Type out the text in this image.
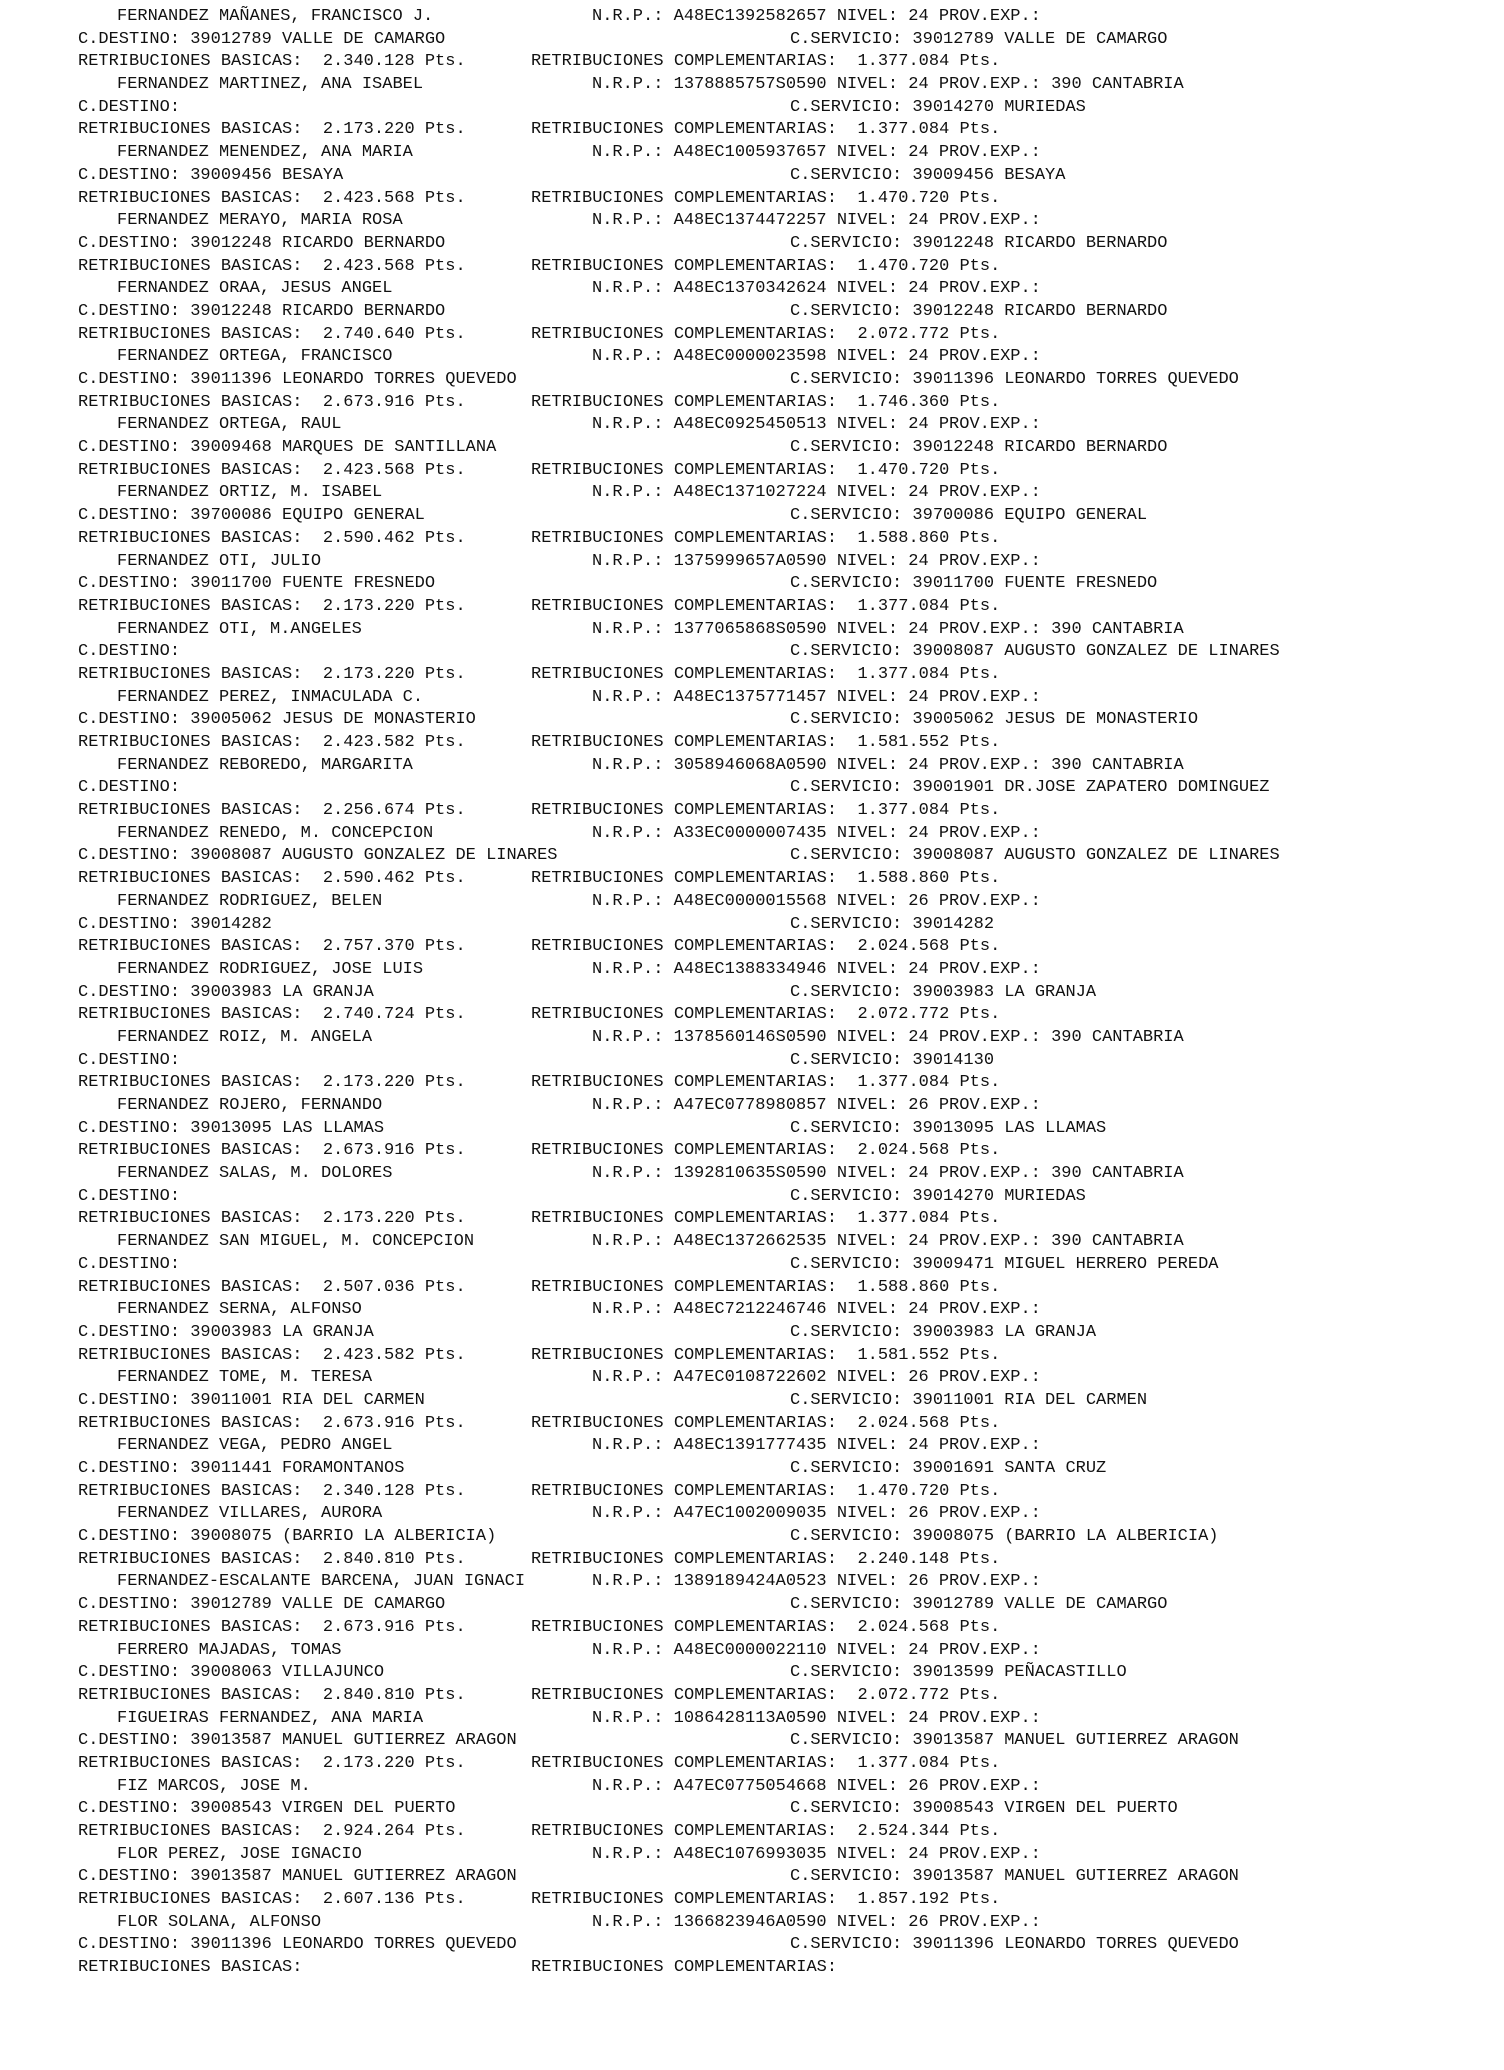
FERNANDEZ MAÑANES, FRANCISCO J.

	N.R.P.: A48EC1392582657 NIVEL: 24 PROV.EXP.:

C.DESTINO: 39012789 VALLE DE CAMARGO

	C.SERVICIO: 39012789 VALLE DE CAMARGO

RETRIBUCIONES BASICAS:  2.340.128 Pts.

	RETRIBUCIONES COMPLEMENTARIAS:  1.377.084 Pts.

FERNANDEZ MARTINEZ, ANA ISABEL

	N.R.P.: 1378885757S0590 NIVEL: 24 PROV.EXP.: 390 CANTABRIA

C.DESTINO:

	C.SERVICIO: 39014270 MURIEDAS

RETRIBUCIONES BASICAS:  2.173.220 Pts.

	RETRIBUCIONES COMPLEMENTARIAS:  1.377.084 Pts.

FERNANDEZ MENENDEZ, ANA MARIA

	N.R.P.: A48EC1005937657 NIVEL: 24 PROV.EXP.:

C.DESTINO: 39009456 BESAYA

	C.SERVICIO: 39009456 BESAYA

RETRIBUCIONES BASICAS:  2.423.568 Pts.

	RETRIBUCIONES COMPLEMENTARIAS:  1.470.720 Pts.

FERNANDEZ MERAYO, MARIA ROSA

	N.R.P.: A48EC1374472257 NIVEL: 24 PROV.EXP.:

C.DESTINO: 39012248 RICARDO BERNARDO

	C.SERVICIO: 39012248 RICARDO BERNARDO

RETRIBUCIONES BASICAS:  2.423.568 Pts.

	RETRIBUCIONES COMPLEMENTARIAS:  1.470.720 Pts.

FERNANDEZ ORAA, JESUS ANGEL

	N.R.P.: A48EC1370342624 NIVEL: 24 PROV.EXP.:

C.DESTINO: 39012248 RICARDO BERNARDO

	C.SERVICIO: 39012248 RICARDO BERNARDO

RETRIBUCIONES BASICAS:  2.740.640 Pts.

	RETRIBUCIONES COMPLEMENTARIAS:  2.072.772 Pts.

FERNANDEZ ORTEGA, FRANCISCO

	N.R.P.: A48EC0000023598 NIVEL: 24 PROV.EXP.:

C.DESTINO: 39011396 LEONARDO TORRES QUEVEDO

	C.SERVICIO: 39011396 LEONARDO TORRES QUEVEDO

RETRIBUCIONES BASICAS:  2.673.916 Pts.

	RETRIBUCIONES COMPLEMENTARIAS:  1.746.360 Pts.

FERNANDEZ ORTEGA, RAUL

	N.R.P.: A48EC0925450513 NIVEL: 24 PROV.EXP.:

C.DESTINO: 39009468 MARQUES DE SANTILLANA

	C.SERVICIO: 39012248 RICARDO BERNARDO

RETRIBUCIONES BASICAS:  2.423.568 Pts.

	RETRIBUCIONES COMPLEMENTARIAS:  1.470.720 Pts.

FERNANDEZ ORTIZ, M. ISABEL

	N.R.P.: A48EC1371027224 NIVEL: 24 PROV.EXP.:

C.DESTINO: 39700086 EQUIPO GENERAL

	C.SERVICIO: 39700086 EQUIPO GENERAL

RETRIBUCIONES BASICAS:  2.590.462 Pts.

	RETRIBUCIONES COMPLEMENTARIAS:  1.588.860 Pts.

FERNANDEZ OTI, JULIO

	N.R.P.: 1375999657A0590 NIVEL: 24 PROV.EXP.:

C.DESTINO: 39011700 FUENTE FRESNEDO

	C.SERVICIO: 39011700 FUENTE FRESNEDO

RETRIBUCIONES BASICAS:  2.173.220 Pts.

	RETRIBUCIONES COMPLEMENTARIAS:  1.377.084 Pts.

FERNANDEZ OTI, M.ANGELES

	N.R.P.: 1377065868S0590 NIVEL: 24 PROV.EXP.: 390 CANTABRIA

C.DESTINO:

	C.SERVICIO: 39008087 AUGUSTO GONZALEZ DE LINARES

RETRIBUCIONES BASICAS:  2.173.220 Pts.

	RETRIBUCIONES COMPLEMENTARIAS:  1.377.084 Pts.

FERNANDEZ PEREZ, INMACULADA C.

	N.R.P.: A48EC1375771457 NIVEL: 24 PROV.EXP.:

C.DESTINO: 39005062 JESUS DE MONASTERIO

	C.SERVICIO: 39005062 JESUS DE MONASTERIO

RETRIBUCIONES BASICAS:  2.423.582 Pts.

	RETRIBUCIONES COMPLEMENTARIAS:  1.581.552 Pts.

FERNANDEZ REBOREDO, MARGARITA

	N.R.P.: 3058946068A0590 NIVEL: 24 PROV.EXP.: 390 CANTABRIA

C.DESTINO:

	C.SERVICIO: 39001901 DR.JOSE ZAPATERO DOMINGUEZ

RETRIBUCIONES BASICAS:  2.256.674 Pts.

	RETRIBUCIONES COMPLEMENTARIAS:  1.377.084 Pts.

FERNANDEZ RENEDO, M. CONCEPCION

	N.R.P.: A33EC0000007435 NIVEL: 24 PROV.EXP.:

C.DESTINO: 39008087 AUGUSTO GONZALEZ DE LINARES

	C.SERVICIO: 39008087 AUGUSTO GONZALEZ DE LINARES

RETRIBUCIONES BASICAS:  2.590.462 Pts.

	RETRIBUCIONES COMPLEMENTARIAS:  1.588.860 Pts.

FERNANDEZ RODRIGUEZ, BELEN

	N.R.P.: A48EC0000015568 NIVEL: 26 PROV.EXP.:

C.DESTINO: 39014282

	C.SERVICIO: 39014282

RETRIBUCIONES BASICAS:  2.757.370 Pts.

	RETRIBUCIONES COMPLEMENTARIAS:  2.024.568 Pts.

FERNANDEZ RODRIGUEZ, JOSE LUIS

	N.R.P.: A48EC1388334946 NIVEL: 24 PROV.EXP.:

C.DESTINO: 39003983 LA GRANJA

	C.SERVICIO: 39003983 LA GRANJA

RETRIBUCIONES BASICAS:  2.740.724 Pts.

	RETRIBUCIONES COMPLEMENTARIAS:  2.072.772 Pts.

FERNANDEZ ROIZ, M. ANGELA

	N.R.P.: 1378560146S0590 NIVEL: 24 PROV.EXP.: 390 CANTABRIA

C.DESTINO:

	C.SERVICIO: 39014130

RETRIBUCIONES BASICAS:  2.173.220 Pts.

	RETRIBUCIONES COMPLEMENTARIAS:  1.377.084 Pts.

FERNANDEZ ROJERO, FERNANDO

	N.R.P.: A47EC0778980857 NIVEL: 26 PROV.EXP.:

C.DESTINO: 39013095 LAS LLAMAS

	C.SERVICIO: 39013095 LAS LLAMAS

RETRIBUCIONES BASICAS:  2.673.916 Pts.

	RETRIBUCIONES COMPLEMENTARIAS:  2.024.568 Pts.

FERNANDEZ SALAS, M. DOLORES

	N.R.P.: 1392810635S0590 NIVEL: 24 PROV.EXP.: 390 CANTABRIA

C.DESTINO:

	C.SERVICIO: 39014270 MURIEDAS

RETRIBUCIONES BASICAS:  2.173.220 Pts.

	RETRIBUCIONES COMPLEMENTARIAS:  1.377.084 Pts.

FERNANDEZ SAN MIGUEL, M. CONCEPCION

	N.R.P.: A48EC1372662535 NIVEL: 24 PROV.EXP.: 390 CANTABRIA

C.DESTINO:

	C.SERVICIO: 39009471 MIGUEL HERRERO PEREDA

RETRIBUCIONES BASICAS:  2.507.036 Pts.

	RETRIBUCIONES COMPLEMENTARIAS:  1.588.860 Pts.

FERNANDEZ SERNA, ALFONSO

	N.R.P.: A48EC7212246746 NIVEL: 24 PROV.EXP.:

C.DESTINO: 39003983 LA GRANJA

	C.SERVICIO: 39003983 LA GRANJA

RETRIBUCIONES BASICAS:  2.423.582 Pts.

	RETRIBUCIONES COMPLEMENTARIAS:  1.581.552 Pts.

FERNANDEZ TOME, M. TERESA

	N.R.P.: A47EC0108722602 NIVEL: 26 PROV.EXP.:

C.DESTINO: 39011001 RIA DEL CARMEN

	C.SERVICIO: 39011001 RIA DEL CARMEN

RETRIBUCIONES BASICAS:  2.673.916 Pts.

	RETRIBUCIONES COMPLEMENTARIAS:  2.024.568 Pts.

FERNANDEZ VEGA, PEDRO ANGEL

	N.R.P.: A48EC1391777435 NIVEL: 24 PROV.EXP.:

C.DESTINO: 39011441 FORAMONTANOS

	C.SERVICIO: 39001691 SANTA CRUZ

RETRIBUCIONES BASICAS:  2.340.128 Pts.

	RETRIBUCIONES COMPLEMENTARIAS:  1.470.720 Pts.

FERNANDEZ VILLARES, AURORA

	N.R.P.: A47EC1002009035 NIVEL: 26 PROV.EXP.:

C.DESTINO: 39008075 (BARRIO LA ALBERICIA)

	C.SERVICIO: 39008075 (BARRIO LA ALBERICIA)

RETRIBUCIONES BASICAS:  2.840.810 Pts.

	RETRIBUCIONES COMPLEMENTARIAS:  2.240.148 Pts.

FERNANDEZ-ESCALANTE BARCENA, JUAN IGNACI

	N.R.P.: 1389189424A0523 NIVEL: 26 PROV.EXP.:

C.DESTINO: 39012789 VALLE DE CAMARGO

	C.SERVICIO: 39012789 VALLE DE CAMARGO

RETRIBUCIONES BASICAS:  2.673.916 Pts.

	RETRIBUCIONES COMPLEMENTARIAS:  2.024.568 Pts.

FERRERO MAJADAS, TOMAS

	N.R.P.: A48EC0000022110 NIVEL: 24 PROV.EXP.:

C.DESTINO: 39008063 VILLAJUNCO

	C.SERVICIO: 39013599 PEÑACASTILLO

RETRIBUCIONES BASICAS:  2.840.810 Pts.

	RETRIBUCIONES COMPLEMENTARIAS:  2.072.772 Pts.

FIGUEIRAS FERNANDEZ, ANA MARIA

	N.R.P.: 1086428113A0590 NIVEL: 24 PROV.EXP.:

C.DESTINO: 39013587 MANUEL GUTIERREZ ARAGON

	C.SERVICIO: 39013587 MANUEL GUTIERREZ ARAGON

RETRIBUCIONES BASICAS:  2.173.220 Pts.

	RETRIBUCIONES COMPLEMENTARIAS:  1.377.084 Pts.

FIZ MARCOS, JOSE M.

	N.R.P.: A47EC0775054668 NIVEL: 26 PROV.EXP.:

C.DESTINO: 39008543 VIRGEN DEL PUERTO

	C.SERVICIO: 39008543 VIRGEN DEL PUERTO

RETRIBUCIONES BASICAS:  2.924.264 Pts.

	RETRIBUCIONES COMPLEMENTARIAS:  2.524.344 Pts.

FLOR PEREZ, JOSE IGNACIO

	N.R.P.: A48EC1076993035 NIVEL: 24 PROV.EXP.:

C.DESTINO: 39013587 MANUEL GUTIERREZ ARAGON

	C.SERVICIO: 39013587 MANUEL GUTIERREZ ARAGON

RETRIBUCIONES BASICAS:  2.607.136 Pts.

	RETRIBUCIONES COMPLEMENTARIAS:  1.857.192 Pts.

FLOR SOLANA, ALFONSO

	N.R.P.: 1366823946A0590 NIVEL: 26 PROV.EXP.:

C.DESTINO: 39011396 LEONARDO TORRES QUEVEDO

	C.SERVICIO: 39011396 LEONARDO TORRES QUEVEDO

RETRIBUCIONES BASICAS:

	RETRIBUCIONES COMPLEMENTARIAS:
